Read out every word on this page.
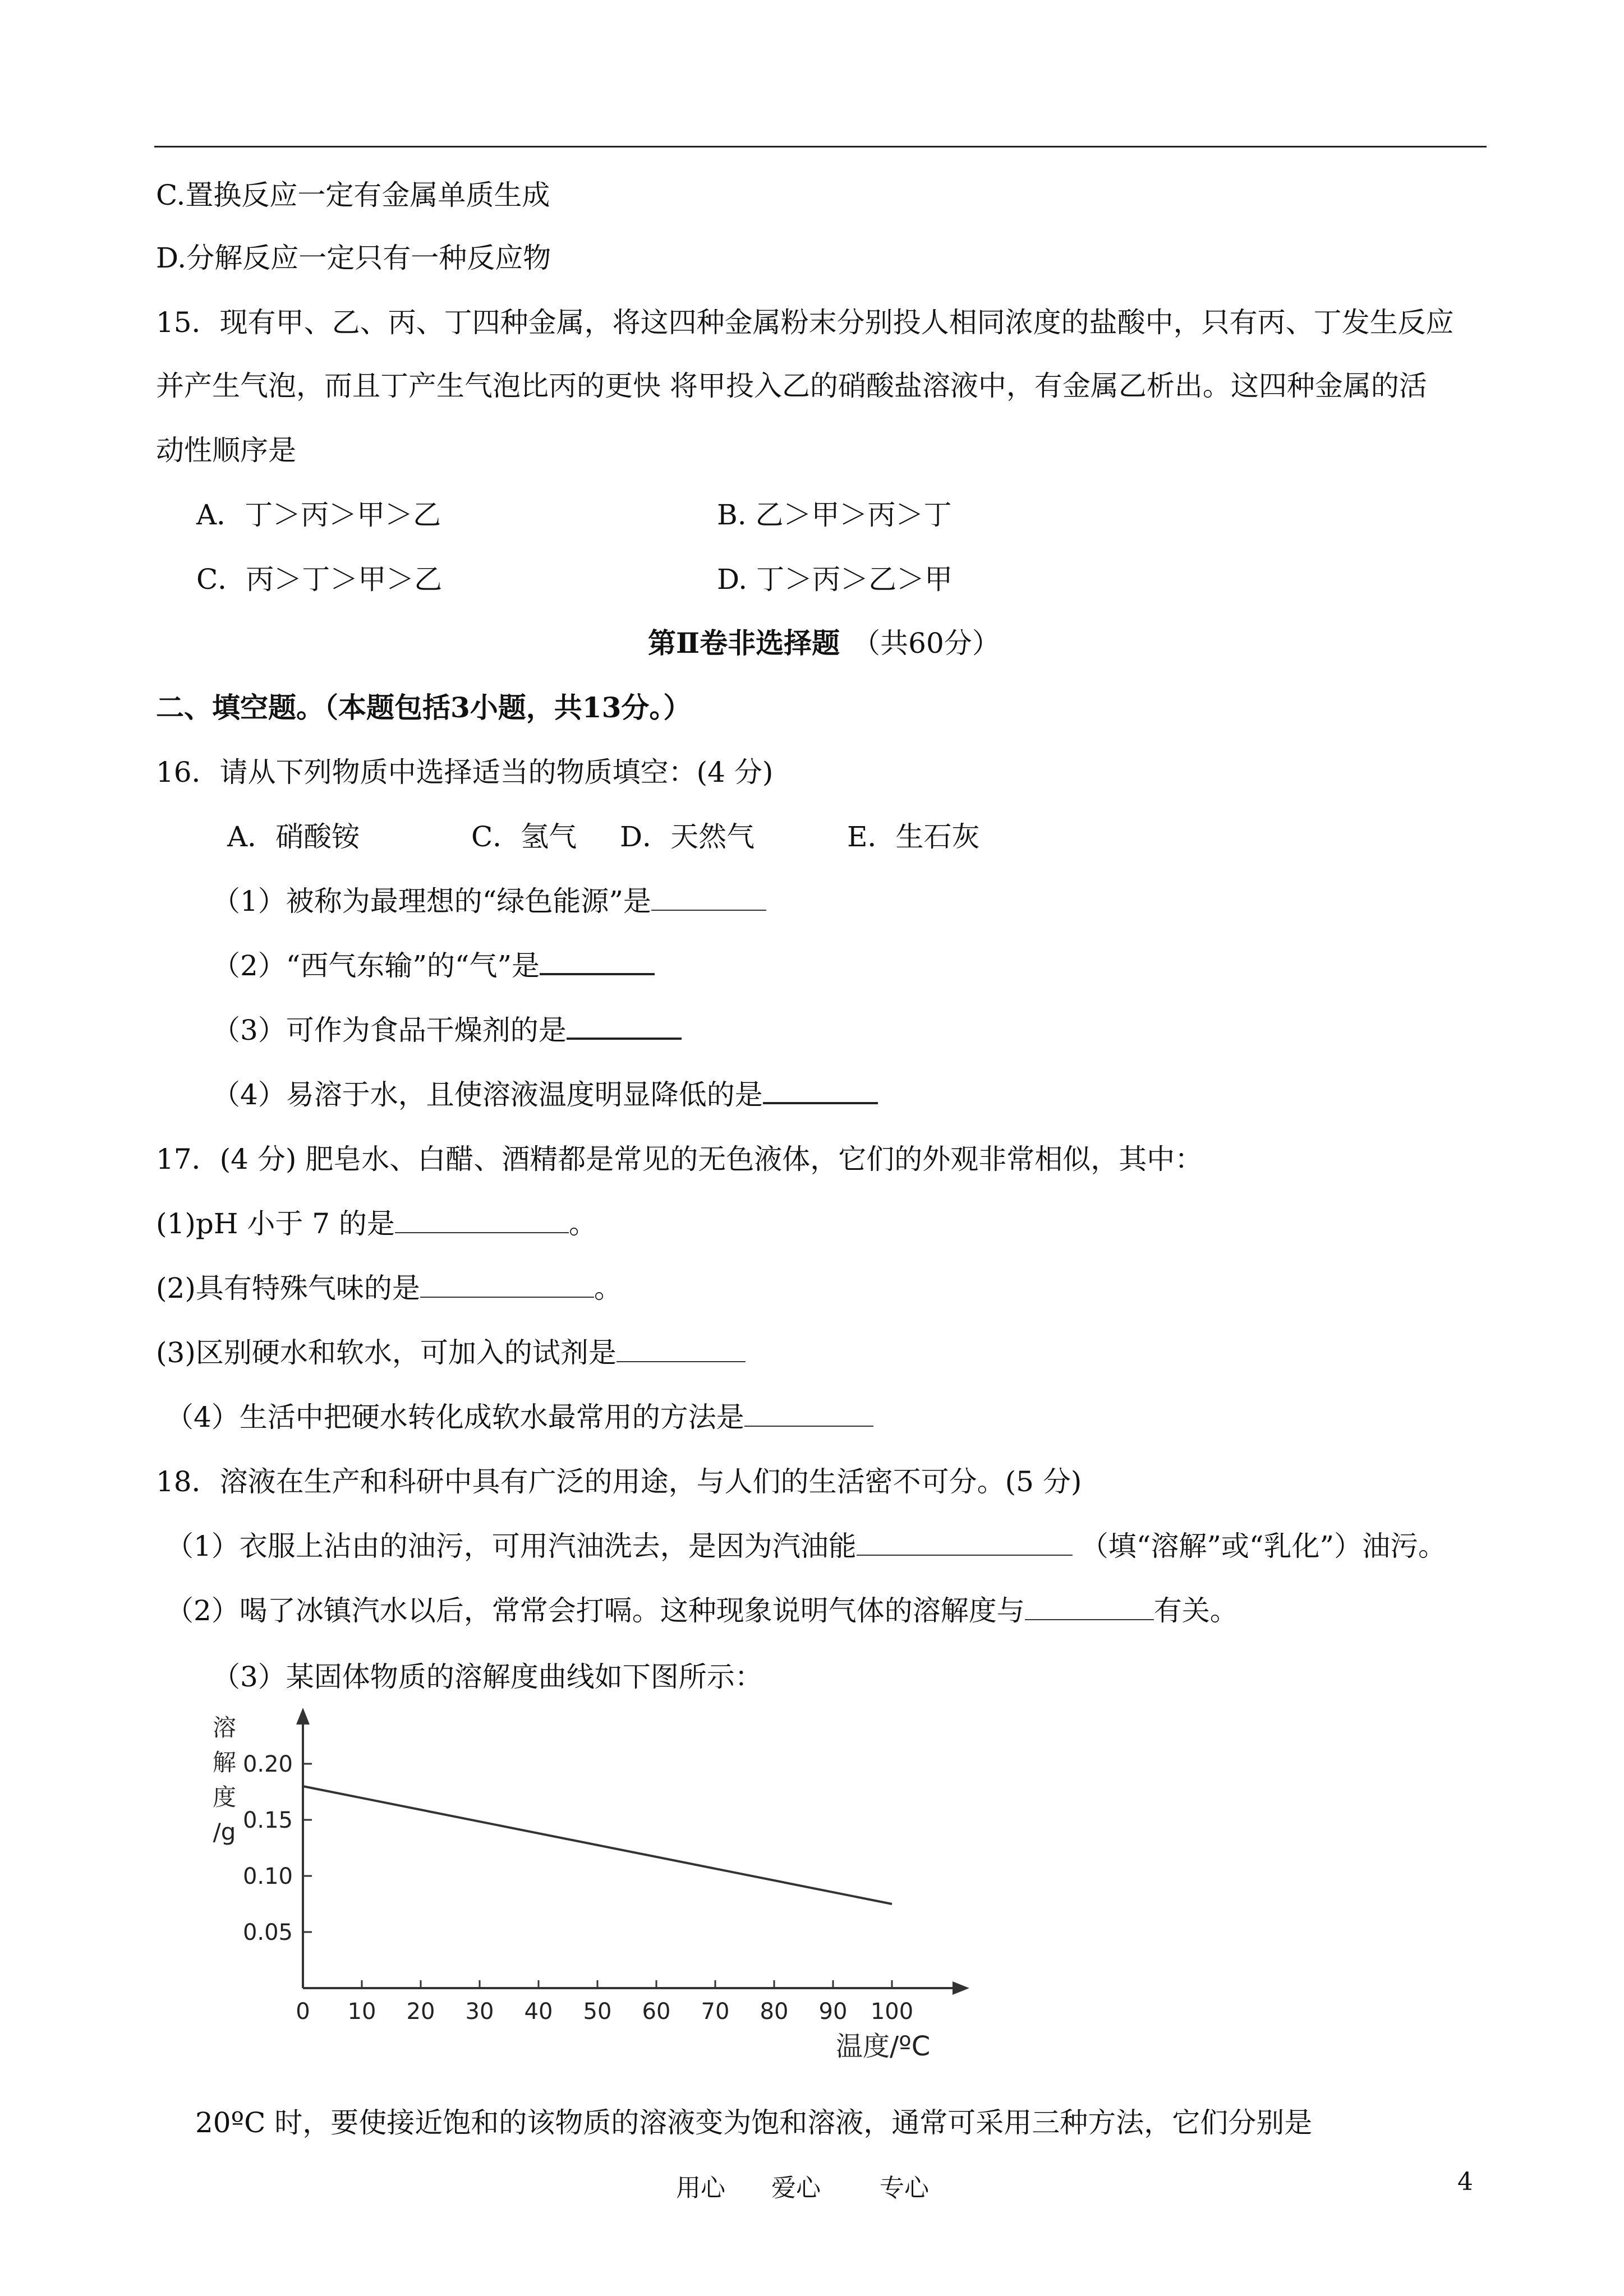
C.置换反应一定有金属单质生成
D.分解反应一定只有一种反应物
15．现有甲、乙、丙、丁四种金属，将这四种金属粉末分别投人相同浓度的盐酸中，只有丙、丁发生反应
并产生气泡，而且丁产生气泡比丙的更快 将甲投入乙的硝酸盐溶液中，有金属乙析出。这四种金属的活
动性顺序是
A．丁＞丙＞甲＞乙	B. 乙＞甲＞丙＞丁
C．丙＞丁＞甲＞乙	D. 丁＞丙＞乙＞甲
第Ⅱ卷非选择题 （共60分）
二、填空题。（本题包括3小题，共13分。）
16．请从下列物质中选择适当的物质填空：(4 分)
A．硝酸铵	C．氢气 D．天然气	E．生石灰
（1）被称为最理想的“绿色能源”是
（2）“西气东输”的“气”是
（3）可作为食品干燥剂的是
（4）易溶于水，且使溶液温度明显降低的是
17．(4 分) 肥皂水、白醋、酒精都是常见的无色液体，它们的外观非常相似，其中：
(1)pH 小于 7 的是	。
(2)具有特殊气味的是	。
(3)区别硬水和软水，可加入的试剂是
（4）生活中把硬水转化成软水最常用的方法是
18．溶液在生产和科研中具有广泛的用途，与人们的生活密不可分。(5 分)
（1）衣服上沾由的油污，可用汽油洗去，是因为汽油能	（填“溶解”或“乳化”）油污。
（2）喝了冰镇汽水以后，常常会打嗝。这种现象说明气体的溶解度与	有关。
（3）某固体物质的溶解度曲线如下图所示：
0 10 20 30 40 50 60 70 80 90 100
0.05
0.10
0.15
0.20
溶
解
度
/g
温度/ºC
20ºC 时，要使接近饱和的该物质的溶液变为饱和溶液，通常可采用三种方法，它们分别是
用心 爱心 专心	4
